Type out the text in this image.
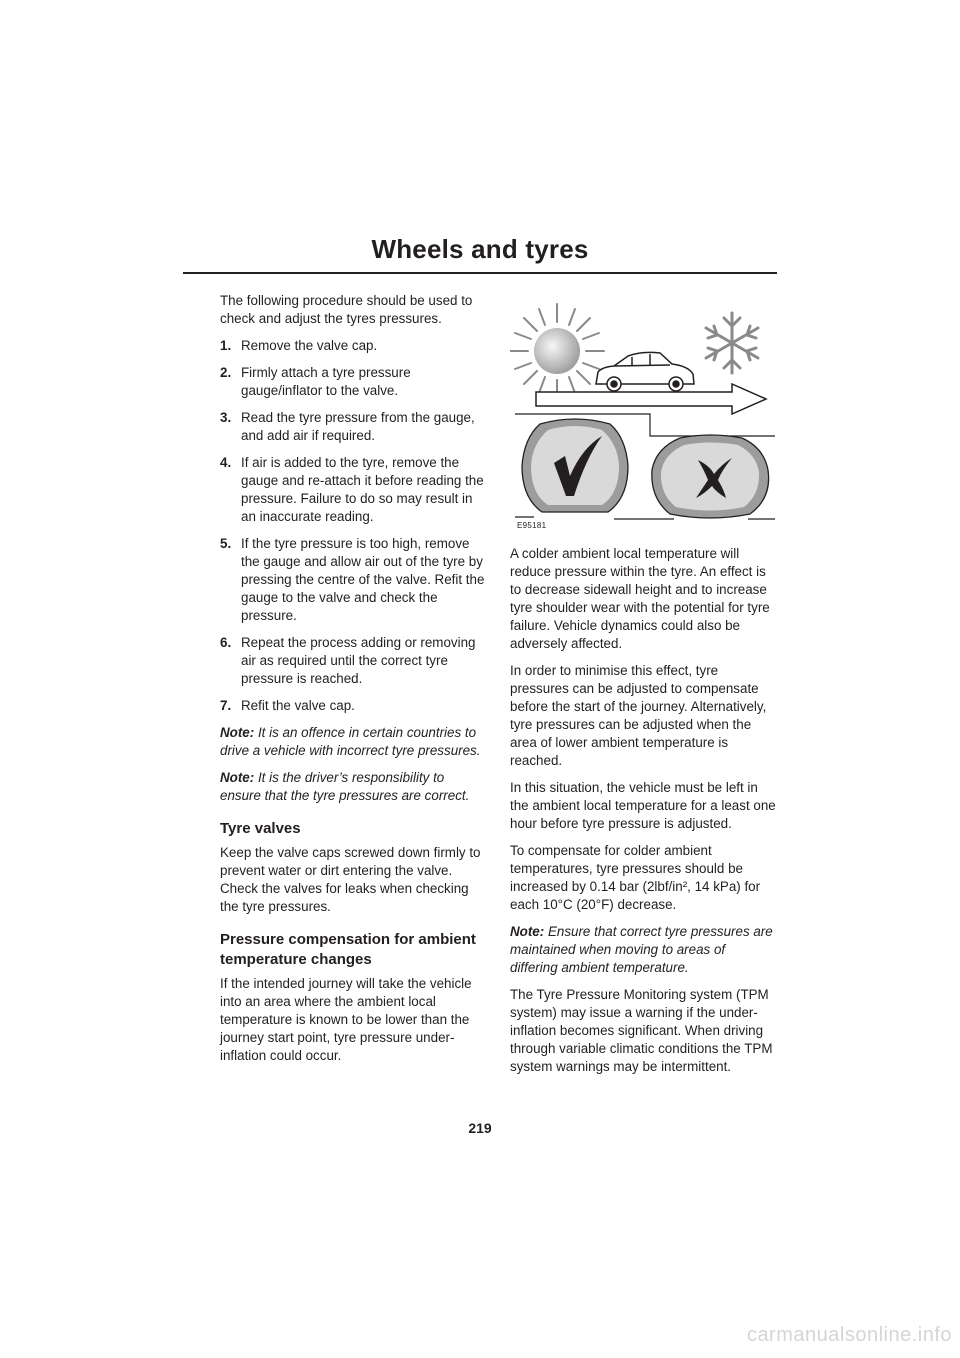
Wheels and tyres

The following procedure should be used to check and adjust the tyres pressures.

1. Remove the valve cap.
2. Firmly attach a tyre pressure gauge/inflator to the valve.
3. Read the tyre pressure from the gauge, and add air if required.
4. If air is added to the tyre, remove the gauge and re-attach it before reading the pressure. Failure to do so may result in an inaccurate reading.
5. If the tyre pressure is too high, remove the gauge and allow air out of the tyre by pressing the centre of the valve. Refit the gauge to the valve and check the pressure.
6. Repeat the process adding or removing air as required until the correct tyre pressure is reached.
7. Refit the valve cap.

Note: It is an offence in certain countries to drive a vehicle with incorrect tyre pressures.

Note: It is the driver’s responsibility to ensure that the tyre pressures are correct.

Tyre valves

Keep the valve caps screwed down firmly to prevent water or dirt entering the valve. Check the valves for leaks when checking the tyre pressures.

Pressure compensation for ambient temperature changes

If the intended journey will take the vehicle into an area where the ambient local temperature is known to be lower than the journey start point, tyre pressure under-inflation could occur.

E95181

A colder ambient local temperature will reduce pressure within the tyre. An effect is to decrease sidewall height and to increase tyre shoulder wear with the potential for tyre failure. Vehicle dynamics could also be adversely affected.

In order to minimise this effect, tyre pressures can be adjusted to compensate before the start of the journey. Alternatively, tyre pressures can be adjusted when the area of lower ambient temperature is reached.

In this situation, the vehicle must be left in the ambient local temperature for a least one hour before tyre pressure is adjusted.

To compensate for colder ambient temperatures, tyre pressures should be increased by 0.14 bar (2lbf/in², 14 kPa) for each 10°C (20°F) decrease.

Note: Ensure that correct tyre pressures are maintained when moving to areas of differing ambient temperature.

The Tyre Pressure Monitoring system (TPM system) may issue a warning if the under-inflation becomes significant. When driving through variable climatic conditions the TPM system warnings may be intermittent.

219
carmanualsonline.info
